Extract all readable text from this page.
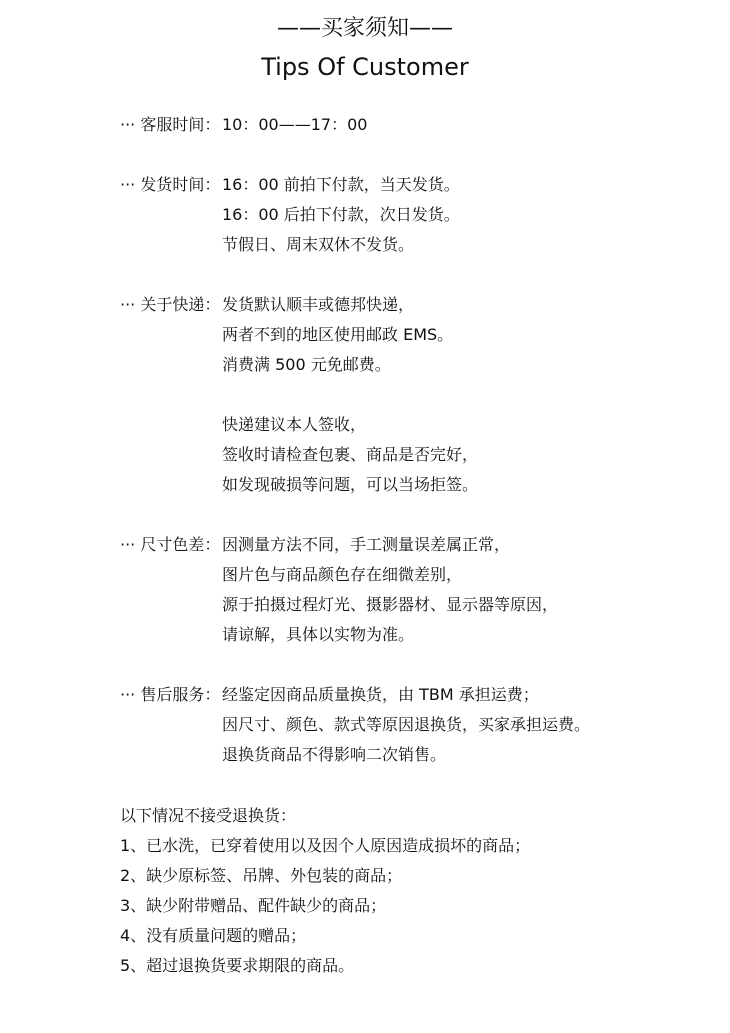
——买家须知——
Tips Of Customer
··· 客服时间： 10：00——17：00
··· 发货时间： 16：00 前拍下付款，当天发货。
16：00 后拍下付款，次日发货。
节假日、周末双休不发货。
··· 关于快递： 发货默认顺丰或德邦快递，
两者不到的地区使用邮政 EMS。
消费满 500 元免邮费。

快递建议本人签收，
签收时请检查包裹、商品是否完好，
如发现破损等问题，可以当场拒签。
··· 尺寸色差： 因测量方法不同，手工测量误差属正常，
图片色与商品颜色存在细微差别，
源于拍摄过程灯光、摄影器材、显示器等原因，
请谅解，具体以实物为准。
··· 售后服务： 经鉴定因商品质量换货，由 TBM 承担运费；
因尺寸、颜色、款式等原因退换货，买家承担运费。
退换货商品不得影响二次销售。
以下情况不接受退换货：
1、已水洗，已穿着使用以及因个人原因造成损坏的商品；
2、缺少原标签、吊牌、外包装的商品；
3、缺少附带赠品、配件缺少的商品；
4、没有质量问题的赠品；
5、超过退换货要求期限的商品。
